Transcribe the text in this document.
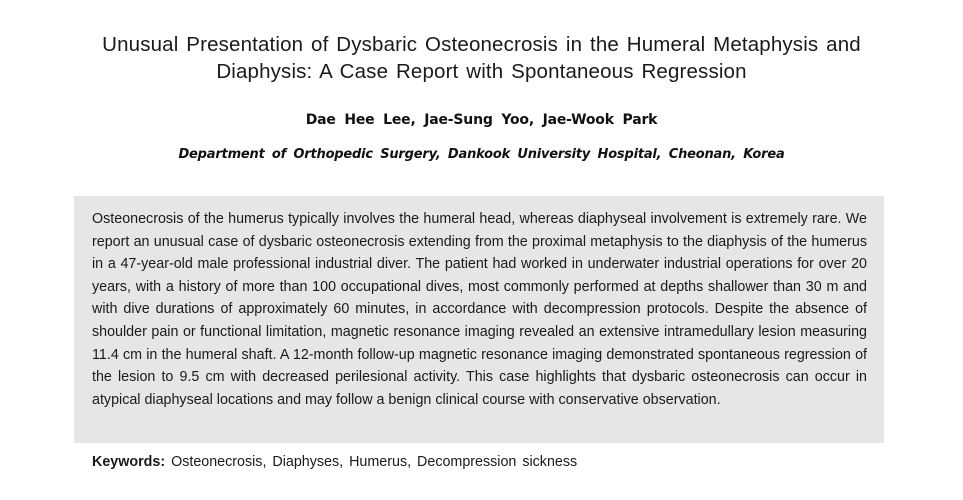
Unusual Presentation of Dysbaric Osteonecrosis in the Humeral Metaphysis and Diaphysis: A Case Report with Spontaneous Regression
Dae Hee Lee, Jae-Sung Yoo, Jae-Wook Park
Department of Orthopedic Surgery, Dankook University Hospital, Cheonan, Korea

Osteonecrosis of the humerus typically involves the humeral head, whereas diaphyseal involvement is extremely rare. We report an unusual case of dysbaric osteonecrosis extending from the proximal metaphysis to the diaphysis of the humerus in a 47-year-old male professional industrial diver. The patient had worked in underwater industrial operations for over 20 years, with a history of more than 100 occupational dives, most commonly performed at depths shallower than 30 m and with dive durations of approximately 60 minutes, in accordance with decompression protocols. Despite the absence of shoulder pain or functional limitation, magnetic resonance imaging revealed an extensive intramedullary lesion measuring 11.4 cm in the humeral shaft. A 12-month follow-up magnetic resonance imaging demonstrated spontaneous regression of the lesion to 9.5 cm with decreased perilesional activity. This case highlights that dysbaric osteonecrosis can occur in atypical diaphyseal locations and may follow a benign clinical course with conservative observation.

Keywords: Osteonecrosis, Diaphyses, Humerus, Decompression sickness
